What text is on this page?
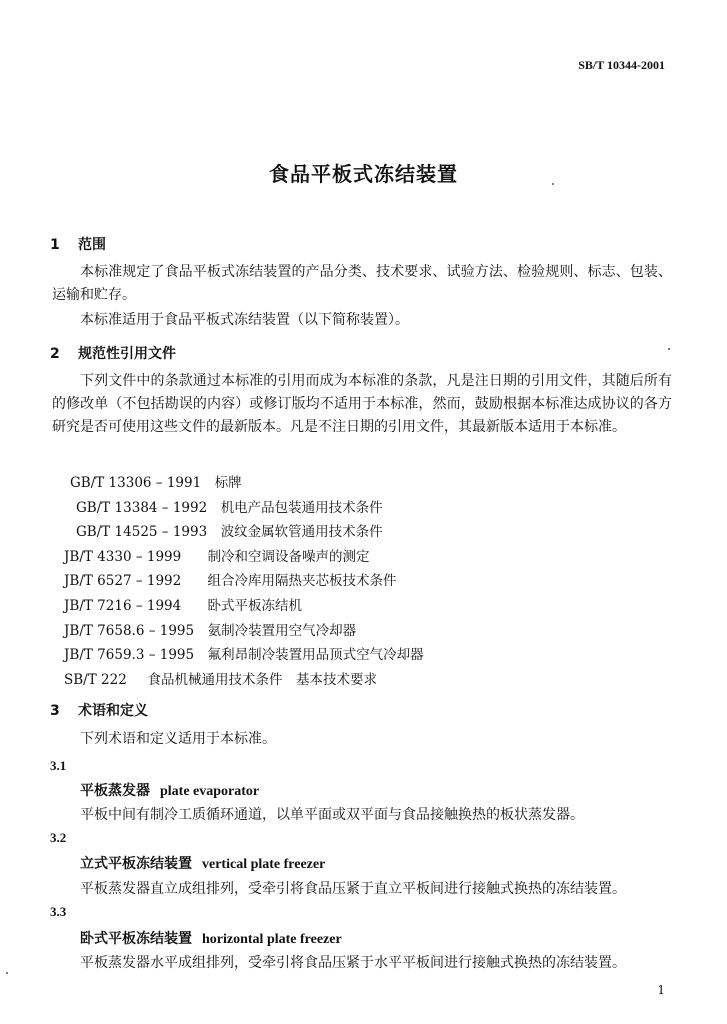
SB/T 10344-2001
食品平板式冻结装置
1 范围
本标准规定了食品平板式冻结装置的产品分类、技术要求、试验方法、检验规则、标志、包装、运输和贮存。
本标准适用于食品平板式冻结装置（以下简称装置）。
2 规范性引用文件
下列文件中的条款通过本标准的引用而成为本标准的条款，凡是注日期的引用文件，其随后所有的修改单（不包括勘误的内容）或修订版均不适用于本标准，然而，鼓励根据本标准达成协议的各方研究是否可使用这些文件的最新版本。凡是不注日期的引用文件，其最新版本适用于本标准。
GB/T 13306 – 1991　 标牌
GB/T 13384 – 1992　 机电产品包装通用技术条件
GB/T 14525 – 1993　 波纹金属软管通用技术条件
JB/T 4330 – 1999　 制冷和空调设备噪声的测定
JB/T 6527 – 1992　 组合冷库用隔热夹芯板技术条件
JB/T 7216 – 1994　 卧式平板冻结机
JB/T 7658.6 – 1995　 氨制冷装置用空气冷却器
JB/T 7659.3 – 1995　 氟利昂制冷装置用品顶式空气冷却器
SB/T 222　 食品机械通用技术条件　基本技术要求
3 术语和定义
下列术语和定义适用于本标准。
3.1
平板蒸发器 plate evaporator
平板中间有制冷工质循环通道，以单平面或双平面与食品接触换热的板状蒸发器。
3.2
立式平板冻结装置 vertical plate freezer
平板蒸发器直立成组排列，受牵引将食品压紧于直立平板间进行接触式换热的冻结装置。
3.3
卧式平板冻结装置 horizontal plate freezer
平板蒸发器水平成组排列，受牵引将食品压紧于水平平板间进行接触式换热的冻结装置。
1
